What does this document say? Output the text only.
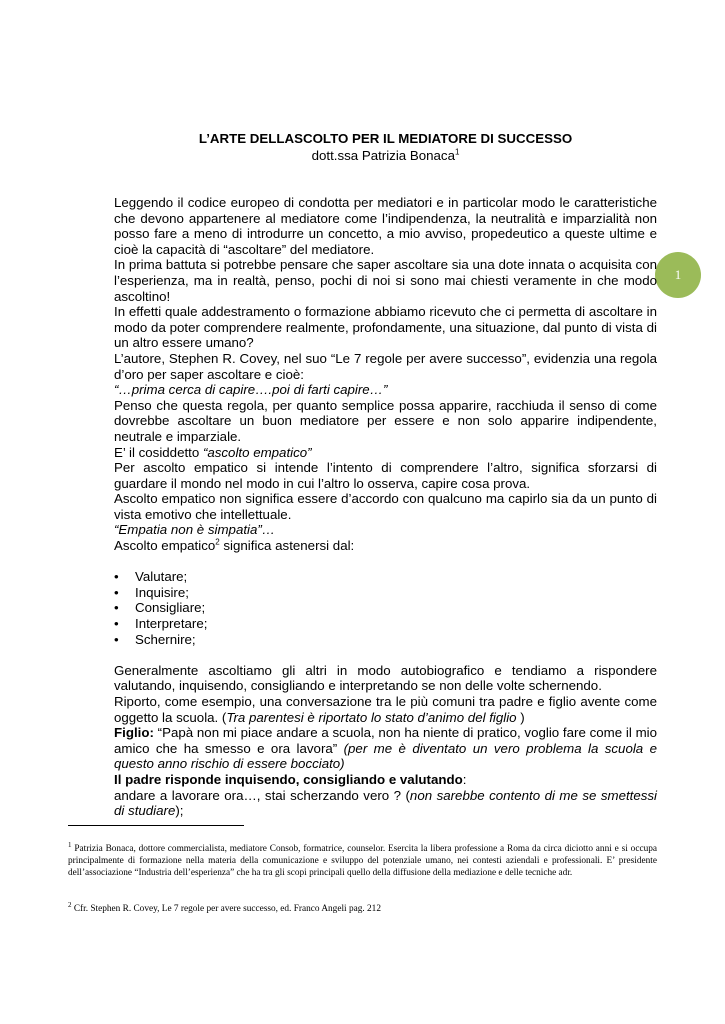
L’ARTE DELLASCOLTO PER IL MEDIATORE DI SUCCESSO
dott.ssa Patrizia Bonaca$^1$
1

Leggendo il codice europeo di condotta per mediatori e in particolar modo le caratteristiche che devono appartenere al mediatore come l’indipendenza, la neutralità e imparzialità non posso fare a meno di introdurre un concetto, a mio avviso, propedeutico a queste ultime e cioè la capacità di “ascoltare” del mediatore.

In prima battuta si potrebbe pensare che saper ascoltare sia una dote innata o acquisita con l’esperienza, ma in realtà, penso, pochi di noi si sono mai chiesti veramente in che modo ascoltino!

In effetti quale addestramento o formazione abbiamo ricevuto che ci permetta di ascoltare in modo da poter comprendere realmente, profondamente, una situazione, dal punto di vista di un altro essere umano?

L’autore, Stephen R. Covey, nel suo “Le 7 regole per avere successo”, evidenzia una regola d’oro per saper ascoltare e cioè:

“…prima cerca di capire….poi di farti capire…”

Penso che questa regola, per quanto semplice possa apparire, racchiuda il senso di come dovrebbe ascoltare un buon mediatore per essere e non solo apparire indipendente, neutrale e imparziale.

E’ il cosiddetto “ascolto empatico”

Per ascolto empatico si intende l’intento di comprendere l’altro, significa sforzarsi di guardare il mondo nel modo in cui l’altro lo osserva, capire cosa prova.

Ascolto empatico non significa essere d’accordo con qualcuno ma capirlo sia da un punto di vista emotivo che intellettuale.

“Empatia non è simpatia”…

Ascolto empatico$^2$ significa astenersi dal:

• Valutare;
• Inquisire;
• Consigliare;
• Interpretare;
• Schernire;

Generalmente ascoltiamo gli altri in modo autobiografico e tendiamo a rispondere valutando, inquisendo, consigliando e interpretando se non delle volte schernendo.

Riporto, come esempio, una conversazione tra le più comuni tra padre e figlio avente come oggetto la scuola. (Tra parentesi è riportato lo stato d’animo del figlio )

Figlio: “Papà non mi piace andare a scuola, non ha niente di pratico, voglio fare come il mio amico che ha smesso e ora lavora” (per me è diventato un vero problema la scuola e questo anno rischio di essere bocciato)

Il padre risponde inquisendo, consigliando e valutando:

andare a lavorare ora…, stai scherzando vero ? (non sarebbe contento di me se smettessi di studiare);

$^1$ Patrizia Bonaca, dottore commercialista, mediatore Consob, formatrice, counselor. Esercita la libera professione a Roma da circa diciotto anni e si occupa principalmente di formazione nella materia della comunicazione e sviluppo del potenziale umano, nei contesti aziendali e professionali. E’ presidente dell’associazione “Industria dell’esperienza” che ha tra gli scopi principali quello della diffusione della mediazione e delle tecniche adr.

$^2$ Cfr. Stephen R. Covey, Le 7 regole per avere successo, ed. Franco Angeli pag. 212
